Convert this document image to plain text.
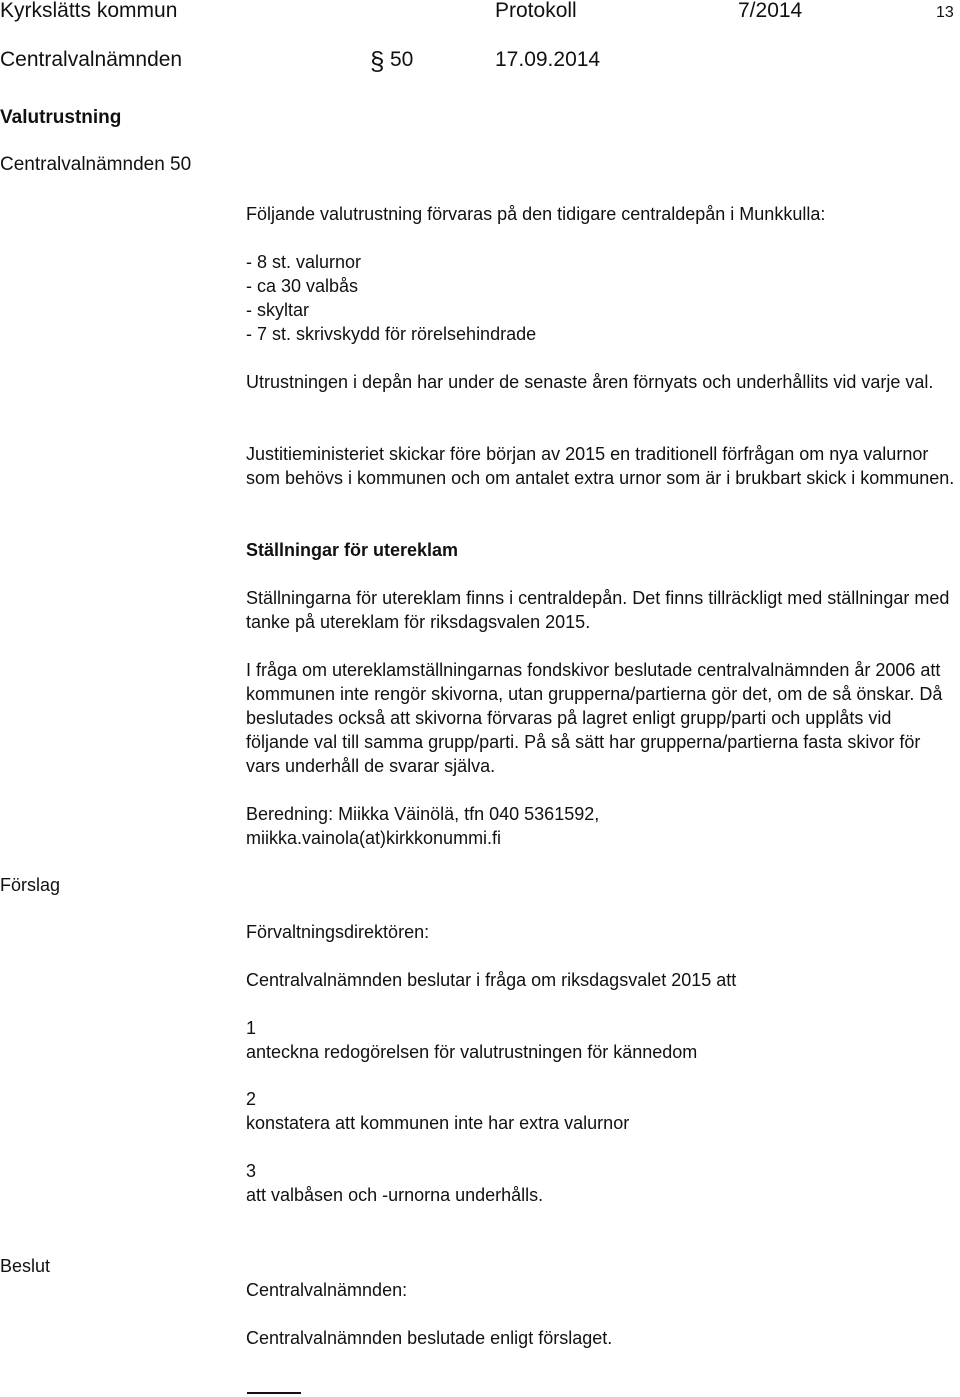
Kyrkslätts kommun	Protokoll	7/2014	13
Centralvalnämnden	§ 50	17.09.2014
Valutrustning
Centralvalnämnden 50
Följande valutrustning förvaras på den tidigare centraldepån i Munkkulla:
- 8 st. valurnor
- ca 30 valbås
- skyltar
- 7 st. skrivskydd för rörelsehindrade
Utrustningen i depån har under de senaste åren förnyats och underhållits vid varje val.
Justitieministeriet skickar före början av 2015 en traditionell förfrågan om nya valurnor som behövs i kommunen och om antalet extra urnor som är i brukbart skick i kommunen.
Ställningar för utereklam
Ställningarna för utereklam finns i centraldepån. Det finns tillräckligt med ställningar med tanke på utereklam för riksdagsvalen 2015.
I fråga om utereklamställningarnas fondskivor beslutade centralvalnämnden år 2006 att kommunen inte rengör skivorna, utan grupperna/partierna gör det, om de så önskar. Då beslutades också att skivorna förvaras på lagret enligt grupp/parti och upplåts vid följande val till samma grupp/parti. På så sätt har grupperna/partierna fasta skivor för vars underhåll de svarar själva.
Beredning: Miikka Väinölä, tfn 040 5361592,
miikka.vainola(at)kirkkonummi.fi
Förslag
Förvaltningsdirektören:
Centralvalnämnden beslutar i fråga om riksdagsvalet 2015 att
1
anteckna redogörelsen för valutrustningen för kännedom
2
konstatera att kommunen inte har extra valurnor
3
att valbåsen och -urnorna underhålls.
Beslut
Centralvalnämnden:
Centralvalnämnden beslutade enligt förslaget.
